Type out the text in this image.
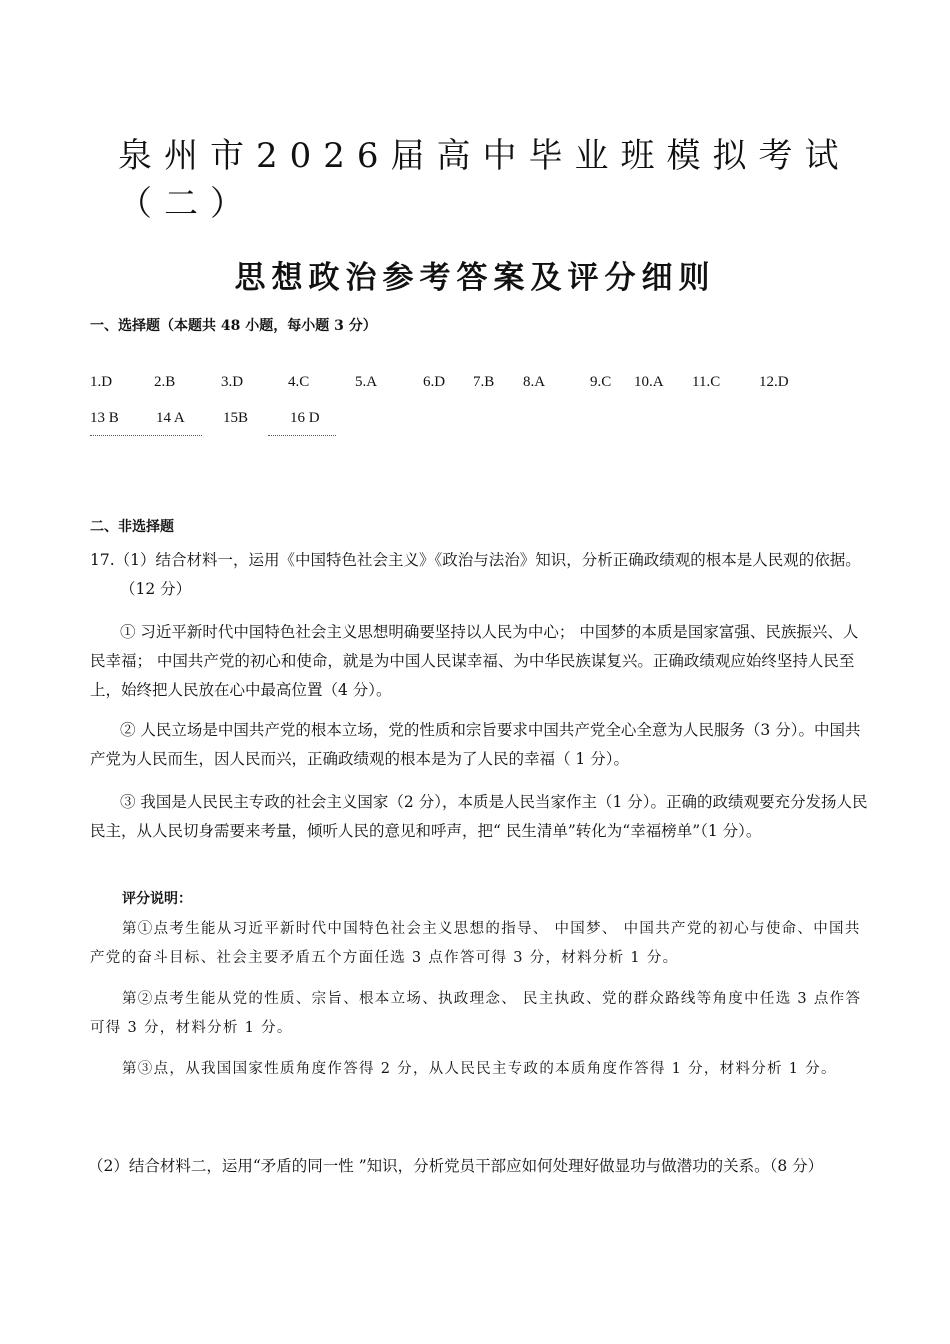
泉州市2026届高中毕业班模拟考试（二）
思想政治参考答案及评分细则
一、选择题（本题共 48 小题，每小题 3 分）
1.D	2.B	3.D	4.C	5.A	6.D 7.B 8.A	9.C 10.A 11.C	12.D
13 B 14 A	15B	16 D
二、非选择题
17.（1）结合材料一，运用《中国特色社会主义》《政治与法治》知识，分析正确政绩观的根本是人民观的依据。（12 分）
① 习近平新时代中国特色社会主义思想明确要坚持以人民为中心； 中国梦的本质是国家富强、民族振兴、人民幸福； 中国共产党的初心和使命，就是为中国人民谋幸福、为中华民族谋复兴。正确政绩观应始终坚持人民至上，始终把人民放在心中最高位置（4 分）。
② 人民立场是中国共产党的根本立场，党的性质和宗旨要求中国共产党全心全意为人民服务（3 分）。中国共产党为人民而生，因人民而兴，正确政绩观的根本是为了人民的幸福（ 1 分）。
③ 我国是人民民主专政的社会主义国家（2 分），本质是人民当家作主（1 分）。正确的政绩观要充分发扬人民民主，从人民切身需要来考量，倾听人民的意见和呼声，把“ 民生清单”转化为“幸福榜单”（1 分）。
评分说明：
第①点考生能从习近平新时代中国特色社会主义思想的指导、 中国梦、 中国共产党的初心与使命、中国共产党的奋斗目标、社会主要矛盾五个方面任选 3 点作答可得 3 分，材料分析 1 分。
第②点考生能从党的性质、宗旨、根本立场、执政理念、 民主执政、党的群众路线等角度中任选 3 点作答可得 3 分，材料分析 1 分。
第③点，从我国国家性质角度作答得 2 分，从人民民主专政的本质角度作答得 1 分，材料分析 1 分。
（2）结合材料二，运用“矛盾的同一性 ”知识，分析党员干部应如何处理好做显功与做潜功的关系。（8 分）
